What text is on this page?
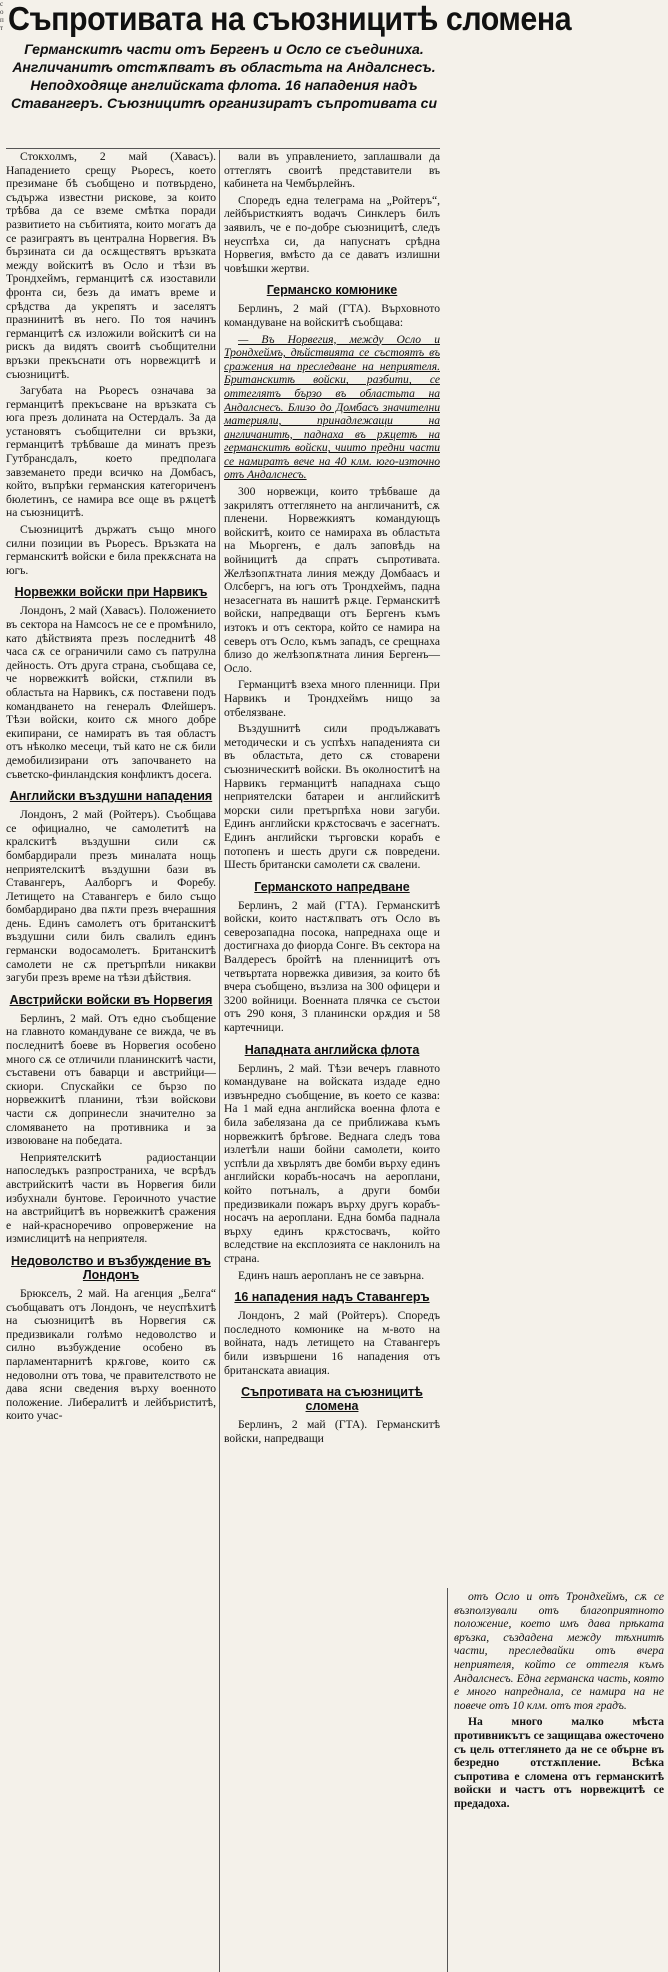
с о п т Съпротивата на съюзницитѣ сломена
Германскитѣ части отъ Бергенъ и Осло се съединиха. Англичанитѣ отстѫпватъ въ областьта на Андалснесъ. Неподходяще английската флота. 16 нападения надъ Ставангеръ. Съюзницитѣ организиратъ съпротивата си

Стокхолмъ, 2 май (Хавасъ). Нападението срещу Рьоресъ, което презимане бѣ съобщено и потвърдено, съдържа известни рискове, за които трѣбва да се вземе смѣтка поради развитието на събитията, които могатъ да се разиграятъ въ централна Норвегия. Въ бързината си да осѫществятъ връзката между войскитѣ въ Осло и тѣзи въ Трондхеймъ, германцитѣ сѫ изоставили фронта си, безъ да иматъ време и срѣдства да укрепятъ и заселятъ празнинитѣ въ него. По тоя начинъ германцитѣ сѫ изложили войскитѣ си на рискъ да видятъ своитѣ съобщителни връзки прекъснати отъ норвежцитѣ и съюзницитѣ.

Загубата на Рьоресъ означава за германцитѣ прекъсване на връзката съ юга презъ долината на Остердалъ. За да установятъ съобщителни си връзки, германцитѣ трѣбваше да минатъ презъ Гутбрансдалъ, което предполага завземането преди всичко на Домбасъ, който, въпрѣки германския категориченъ бюлетинъ, се намира все още въ рѫцетѣ на съюзницитѣ.

Съюзницитѣ държатъ също много силни позиции въ Рьоресъ. Връзката на германскитѣ войски е била прекѫсната на югъ.

Норвежки войски при Нарвикъ

Лондонъ, 2 май (Хавасъ). Положението въ сектора на Намсосъ не се е промѣнило, като дѣйствията презъ последнитѣ 48 часа сѫ се ограничили само съ патрулна дейность. Отъ друга страна, съобщава се, че норвежкитѣ войски, стѫпили въ областьта на Нарвикъ, сѫ поставени подъ командването на генералъ Флейшеръ. Тѣзи войски, които сѫ много добре екипирани, се намиратъ въ тая областъ отъ нѣколко месеци, тъй като не сѫ били демобилизирани отъ започването на съветско-финландския конфликтъ досега.

Английски въздушни нападения

Лондонъ, 2 май (Ройтеръ). Съобщава се официално, че самолетитѣ на кралскитѣ въздушни сили сѫ бомбардирали презъ миналата нощь неприятелскитѣ въздушни бази въ Ставангеръ, Аалборгъ и Форебу. Летището на Ставангеръ е било също бомбардирано два пѫти презъ вчерашния день. Единъ самолетъ отъ британскитѣ въздушни сили билъ свалилъ единъ германски водосамолетъ. Британскитѣ самолети не сѫ претърпѣли никакви загуби презъ време на тѣзи дѣйствия.

Австрийски войски въ Норвегия

Берлинъ, 2 май. Отъ едно съобщение на главното командуване се вижда, че въ последнитѣ боеве въ Норвегия особено много сѫ се отличили планинскитѣ части, съставени отъ баварци и австрийци—скиори. Спускайки се бързо по норвежкитѣ планини, тѣзи войскови части сѫ допринесли значително за сломяването на противника и за извоюване на победата.

Неприятелскитѣ радиостанции напоследъкъ разпространиха, че всрѣдъ австрийскитѣ части въ Норвегия били избухнали бунтове. Героичното участие на австрийцитѣ въ норвежкитѣ сражения е най-красноречиво опровержение на измислицитѣ на неприятеля.

Недоволство и възбуждение въ Лондонъ

Брюкселъ, 2 май. На агенция „Белга“ съобщаватъ отъ Лондонъ, че неуспѣхитѣ на съюзницитѣ въ Норвегия сѫ предизвикали голѣмо недоволство и силно възбуждение особено въ парламентарнитѣ крѫгове, които сѫ недоволни отъ това, че правителството не дава ясни сведения върху военното положение. Либералитѣ и лейбъриститѣ, които учас-

вали въ управлението, заплашвали да оттеглятъ своитѣ представители въ кабинета на Чембърлейнъ.

Споредъ една телеграма на „Ройтеръ“, лейбъристкиятъ водачъ Синклеръ билъ заявилъ, че е по-добре съюзницитѣ, следъ неуспѣха си, да напуснатъ срѣдна Норвегия, вмѣсто да се даватъ излишни човѣшки жертви.

Германско комюнике

Берлинъ, 2 май (ГТА). Върховното командуване на войскитѣ съобщава:

— Въ Норвегия, между Осло и Трондхеймъ, дѣйствията се състоятъ въ сражения на преследване на неприятеля. Британскитѣ войски, разбити, се оттеглятъ бързо въ областьта на Андалснесъ. Близо до Домбасъ значителни материяли, принадлежащи на англичанитѣ, паднаха въ рѫцетѣ на германскитѣ войски, чиито предни части се намиратъ вече на 40 клм. юго-източно отъ Андалснесъ.

300 норвежци, които трѣбваше да закрилятъ оттеглянето на англичанитѣ, сѫ пленени. Норвежкиятъ командующъ войскитѣ, които се намираха въ областьта на Мьоргенъ, е далъ заповѣдь на войницитѣ да спратъ съпротивата. Желѣзопѫтната линия между Домбаасъ и Олсбергъ, на югъ отъ Трондхеймъ, падна незасегната въ нашитѣ рѫце. Германскитѣ войски, напредващи отъ Бергенъ къмъ изтокъ и отъ сектора, който се намира на северъ отъ Осло, къмъ западъ, се срещнаха близо до желѣзопѫтната линия Бергенъ—Осло.

Германцитѣ взеха много пленници. При Нарвикъ и Трондхеймъ нищо за отбелязване.

Въздушнитѣ сили продължаватъ методически и съ успѣхъ нападенията си въ областьта, дето сѫ стоварени съюзническитѣ войски. Въ околноститѣ на Нарвикъ германцитѣ нападнаха също неприятелски батареи и английскитѣ морски сили претърпѣха нови загуби. Единъ английски крѫстосвачъ е засегнатъ. Единъ английски търговски корабъ е потопенъ и шесть други сѫ повредени. Шесть британски самолети сѫ свалени.

Германското напредване

Берлинъ, 2 май (ГТА). Германскитѣ войски, които настѫпватъ отъ Осло въ северозападна посока, напреднаха още и достигнаха до фиорда Сонге. Въ сектора на Валдересъ бройтѣ на пленницитѣ отъ четвъртата норвежка дивизия, за които бѣ вчера съобщено, възлиза на 300 офицери и 3200 войници. Военната плячка се състои отъ 290 коня, 3 планински орѫдия и 58 картечници.

Нападната английска флота

Берлинъ, 2 май. Тѣзи вечеръ главното командуване на войската издаде едно извънредно съобщение, въ което се казва: На 1 май една английска военна флота е била забелязана да се приближава къмъ норвежкитѣ брѣгове. Веднага следъ това излетѣли наши бойни самолети, които успѣли да хвърлятъ две бомби върху единъ английски корабъ-носачъ на аероплани, който потъналъ, а други бомби предизвикали пожаръ върху другъ корабъ-носачъ на аероплани. Една бомба паднала върху единъ крѫстосвачъ, който вследствие на експлозията се наклонилъ на страна.

Единъ нашъ аеропланъ не се завърна.

16 нападения надъ Ставангеръ

Лондонъ, 2 май (Ройтеръ). Споредъ последното комюнике на м-вото на войната, надъ летището на Ставангеръ били извършени 16 нападения отъ британската авиация.

Съпротивата на съюзницитѣ сломена

Берлинъ, 2 май (ГТА). Германскитѣ войски, напредващи

отъ Осло и отъ Трондхеймъ, сѫ се възползували отъ благоприятното положение, което имъ дава прѣката връзка, създадена между тѣхнитѣ части, преследвайки отъ вчера неприятеля, който се оттегля къмъ Андалснесъ. Една германска часть, която е много напреднала, се намира на не повече отъ 10 клм. отъ тоя градъ.

На много малко мѣста противникътъ се защищава ожесточено съ цель оттеглянето да не се обърне въ безредно отстѫпление. Всѣка съпротива е сломена отъ германскитѣ войски и частъ отъ норвежцитѣ се предадоха.
